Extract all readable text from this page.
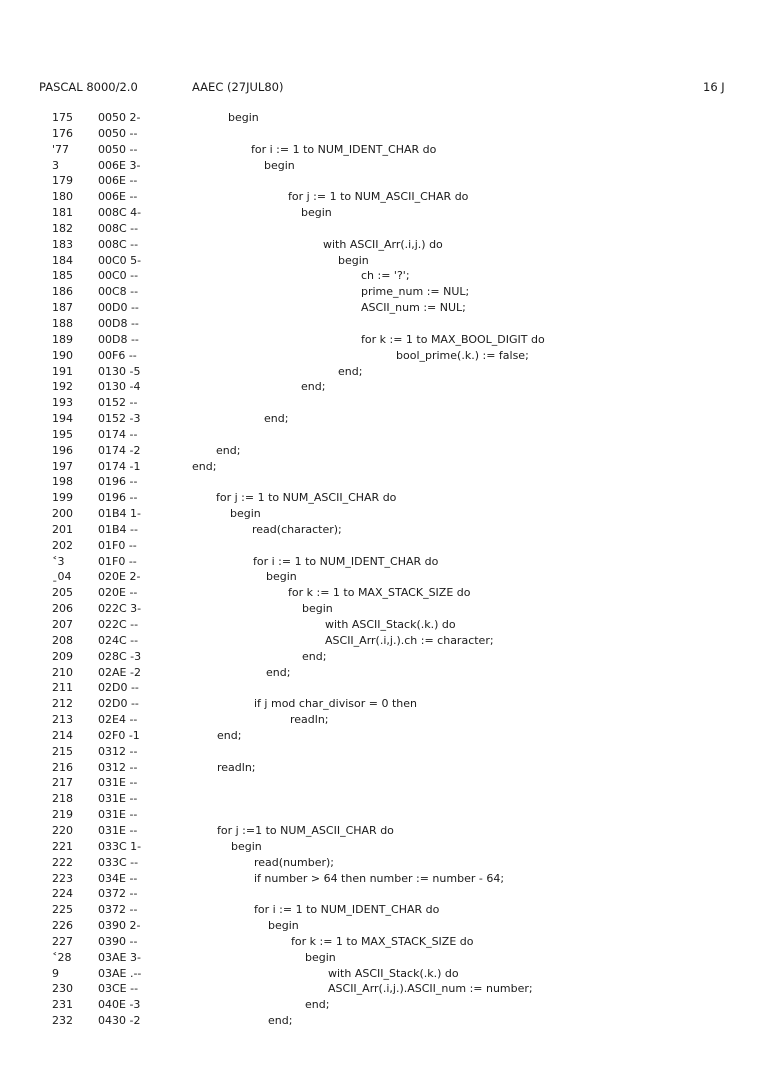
PASCAL 8000/2.0	AAEC (27JUL80)	16 J
175	0050 2-	begin
176	0050 --
'77	0050 --	for i := 1 to NUM_IDENT_CHAR do
3	006E 3-	begin
179	006E --
180	006E --	for j := 1 to NUM_ASCII_CHAR do
181	008C 4-	begin
182	008C --
183	008C --	with ASCII_Arr(.i,j.) do
184	00C0 5-	begin
185	00C0 --	ch := '?';
186	00C8 --	prime_num := NUL;
187	00D0 --	ASCII_num := NUL;
188	00D8 --
189	00D8 --	for k := 1 to MAX_BOOL_DIGIT do
190	00F6 --	bool_prime(.k.) := false;
191	0130 -5	end;
192	0130 -4	end;
193	0152 --
194	0152 -3	end;
195	0174 --
196	0174 -2	end;
197	0174 -1	end;
198	0196 --
199	0196 --	for j := 1 to NUM_ASCII_CHAR do
200	01B4 1-	begin
201	01B4 --	read(character);
202	01F0 --
˂3	01F0 --	for i := 1 to NUM_IDENT_CHAR do
ˍ04	020E 2-	begin
205	020E --	for k := 1 to MAX_STACK_SIZE do
206	022C 3-	begin
207	022C --	with ASCII_Stack(.k.) do
208	024C --	ASCII_Arr(.i,j.).ch := character;
209	028C -3	end;
210	02AE -2	end;
211	02D0 --
212	02D0 --	if j mod char_divisor = 0 then
213	02E4 --	readln;
214	02F0 -1	end;
215	0312 --
216	0312 --	readln;
217	031E --
218	031E --
219	031E --
220	031E --	for j :=1 to NUM_ASCII_CHAR do
221	033C 1-	begin
222	033C --	read(number);
223	034E --	if number > 64 then number := number - 64;
224	0372 --
225	0372 --	for i := 1 to NUM_IDENT_CHAR do
226	0390 2-	begin
227	0390 --	for k := 1 to MAX_STACK_SIZE do
˂28	03AE 3-	begin
9	03AE .--	with ASCII_Stack(.k.) do
230	03CE --	ASCII_Arr(.i,j.).ASCII_num := number;
231	040E -3	end;
232	0430 -2	end;
